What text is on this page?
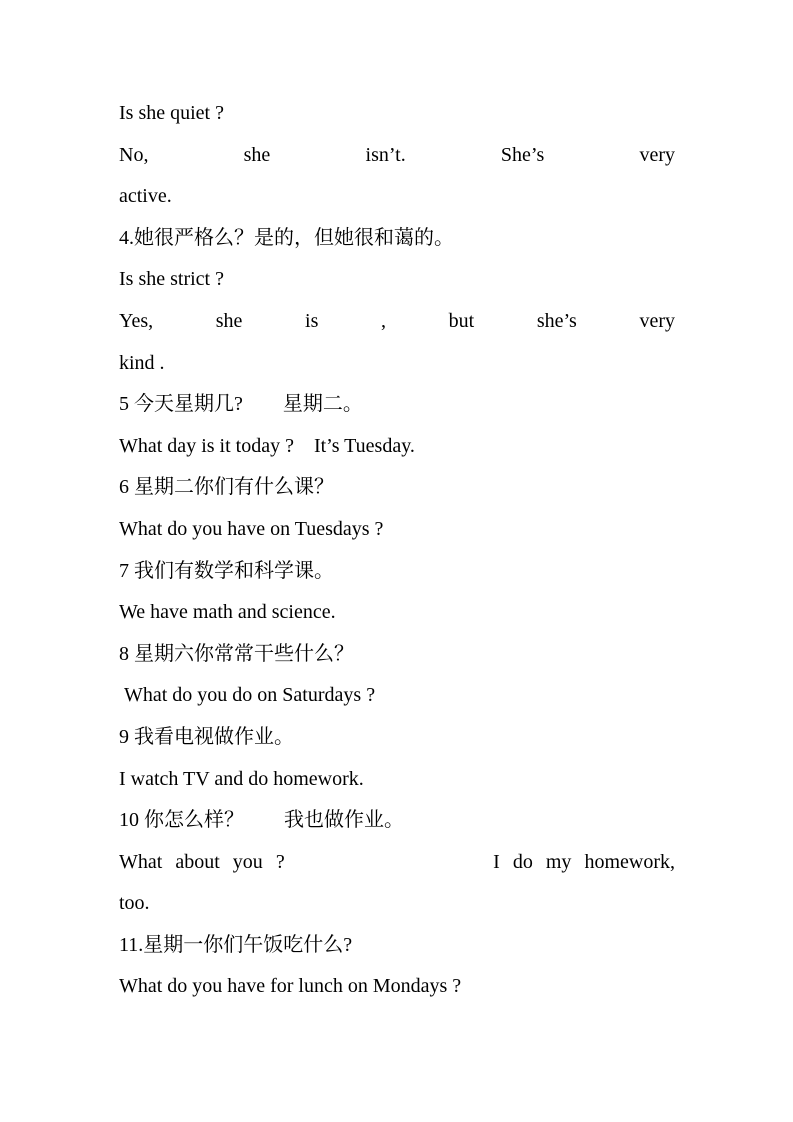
Is she quiet ?
No, she isn’t. She’s very
active.
4.她很严格么？是的，但她很和蔼的。
Is she strict ?
Yes, she is , but she’s very
kind .
5 今天星期几?        星期二。
What day is it today ?    It’s Tuesday.
6 星期二你们有什么课？
What do you have on Tuesdays ?
7 我们有数学和科学课。
We have math and science.
8 星期六你常常干些什么？
What do you do on Saturdays ?
9 我看电视做作业。
I watch TV and do homework.
10 你怎么样？        我也做作业。
What about you ?                I do my homework,
too.
11.星期一你们午饭吃什么?
What do you have for lunch on Mondays ?
